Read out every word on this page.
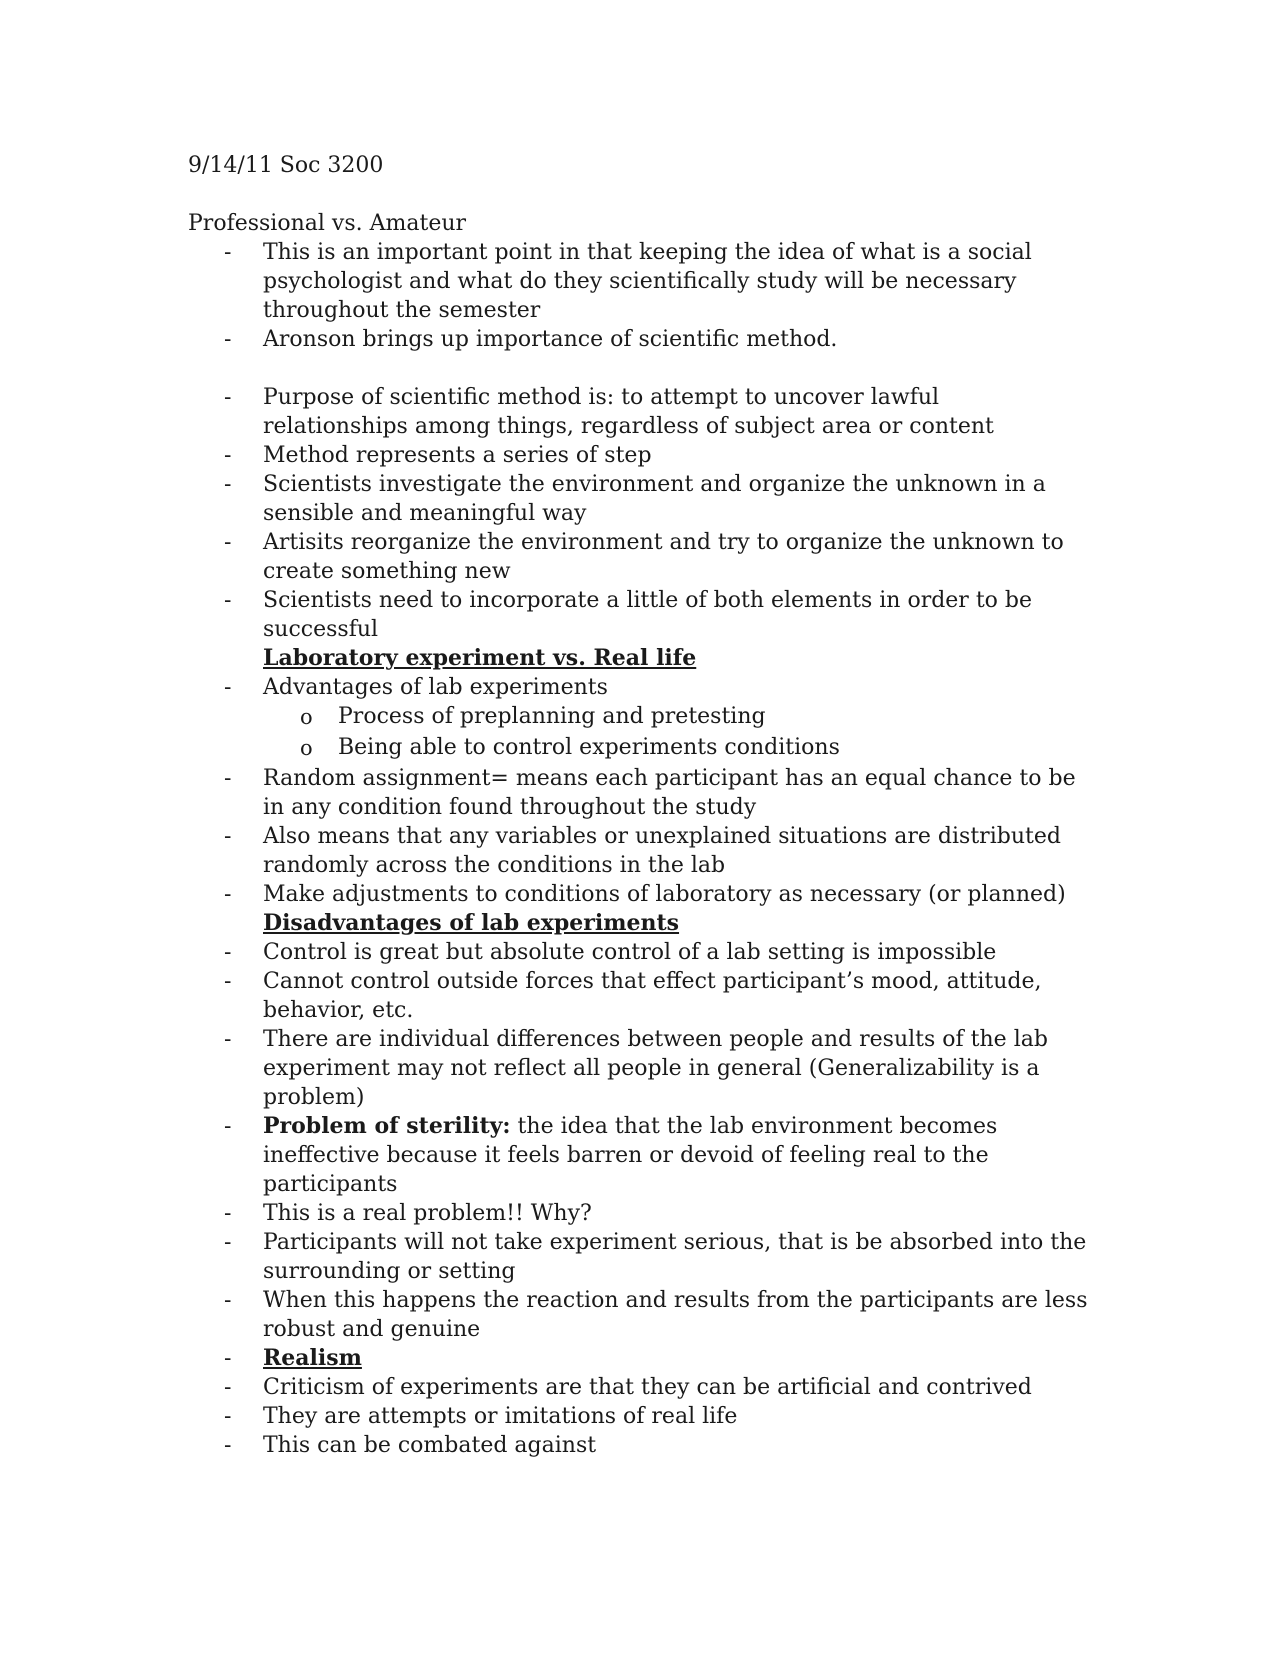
9/14/11 Soc 3200

Professional vs. Amateur

- This is an important point in that keeping the idea of what is a social psychologist and what do they scientifically study will be necessary throughout the semester

- Aronson brings up importance of scientific method.

- Purpose of scientific method is: to attempt to uncover lawful relationships among things, regardless of subject area or content

- Method represents a series of step

- Scientists investigate the environment and organize the unknown in a sensible and meaningful way

- Artisits reorganize the environment and try to organize the unknown to create something new

- Scientists need to incorporate a little of both elements in order to be successful

Laboratory experiment vs. Real life

- Advantages of lab experiments

o Process of preplanning and pretesting

o Being able to control experiments conditions

- Random assignment= means each participant has an equal chance to be in any condition found throughout the study

- Also means that any variables or unexplained situations are distributed randomly across the conditions in the lab

- Make adjustments to conditions of laboratory as necessary (or planned)

Disadvantages of lab experiments

- Control is great but absolute control of a lab setting is impossible

- Cannot control outside forces that effect participant’s mood, attitude, behavior, etc.

- There are individual differences between people and results of the lab experiment may not reflect all people in general (Generalizability is a problem)

- Problem of sterility: the idea that the lab environment becomes ineffective because it feels barren or devoid of feeling real to the participants

- This is a real problem!! Why?

- Participants will not take experiment serious, that is be absorbed into the surrounding or setting

- When this happens the reaction and results from the participants are less robust and genuine

- Realism

- Criticism of experiments are that they can be artificial and contrived

- They are attempts or imitations of real life

- This can be combated against
